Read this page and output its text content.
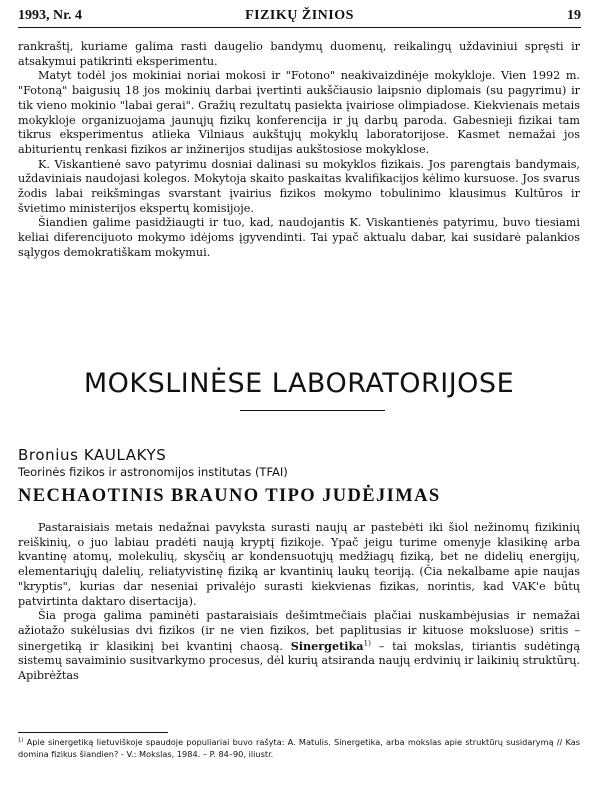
1993, Nr. 4	FIZIKŲ ŽINIOS	19

rankraštį, kuriame galima rasti daugelio bandymų duomenų, reikalingų uždaviniui spręsti ir atsakymui patikrinti eksperimentu.

Matyt todėl jos mokiniai noriai mokosi ir "Fotono" neakivaizdinėje mokykloje. Vien 1992 m. "Fotoną" baigusių 18 jos mokinių darbai įvertinti aukščiausio laipsnio diplomais (su pagyrimu) ir tik vieno mokinio "labai gerai". Gražių rezultatų pasiekta įvairiose olimpiadose. Kiekvienais metais mokykloje organizuojama jaunųjų fizikų konferencija ir jų darbų paroda. Gabesnieji fizikai tam tikrus eksperimentus atlieka Vilniaus aukštųjų mokyklų laboratorijose. Kasmet nemažai jos abiturientų renkasi fizikos ar inžinerijos studijas aukštosiose mokyklose.

K. Viskantienė savo patyrimu dosniai dalinasi su mokyklos fizikais. Jos parengtais bandymais, uždaviniais naudojasi kolegos. Mokytoja skaito paskaitas kvalifikacijos kėlimo kursuose. Jos svarus žodis labai reikšmingas svarstant įvairius fizikos mokymo tobulinimo klausimus Kultūros ir švietimo ministerijos ekspertų komisijoje.

Šiandien galime pasidžiaugti ir tuo, kad, naudojantis K. Viskantienės patyrimu, buvo tiesiami keliai diferencijuoto mokymo idėjoms įgyvendinti. Tai ypač aktualu dabar, kai susidarė palankios sąlygos demokratiškam mokymui.

MOKSLINĖSE LABORATORIJOSE
Bronius KAULAKYS
Teorinės fizikos ir astronomijos institutas (TFAI)
NECHAOTINIS BRAUNO TIPO JUDĖJIMAS

Pastaraisiais metais nedažnai pavyksta surasti naujų ar pastebėti iki šiol nežinomų fizikinių reiškinių, o juo labiau pradėti naują kryptį fizikoje. Ypač jeigu turime omenyje klasikinę arba kvantinę atomų, molekulių, skysčių ar kondensuotųjų medžiagų fiziką, bet ne didelių energijų, elementariųjų dalelių, reliatyvistinę fiziką ar kvantinių laukų teoriją. (Čia nekalbame apie naujas "kryptis", kurias dar neseniai privalėjo surasti kiekvienas fizikas, norintis, kad VAK'e būtų patvirtinta daktaro disertacija).

Šia proga galima paminėti pastaraisiais dešimtmečiais plačiai nuskambėjusias ir nemažai ažiotažo sukėlusias dvi fizikos (ir ne vien fizikos, bet paplitusias ir kituose moksluose) sritis – sinergetiką ir klasikinį bei kvantinį chaosą. Sinergetika$^{1)}$ – tai mokslas, tiriantis sudėtingą sistemų savaiminio susitvarkymo procesus, dėl kurių atsiranda naujų erdvinių ir laikinių struktūrų. Apibrėžtas

$^{1)}$ Apie sinergetiką lietuviškoje spaudoje populiariai buvo rašyta: A. Matulis. Sinergetika, arba mokslas apie struktūrų susidarymą // Kas domina fizikus šiandien? - V.: Mokslas, 1984. – P. 84–90, iliustr.
